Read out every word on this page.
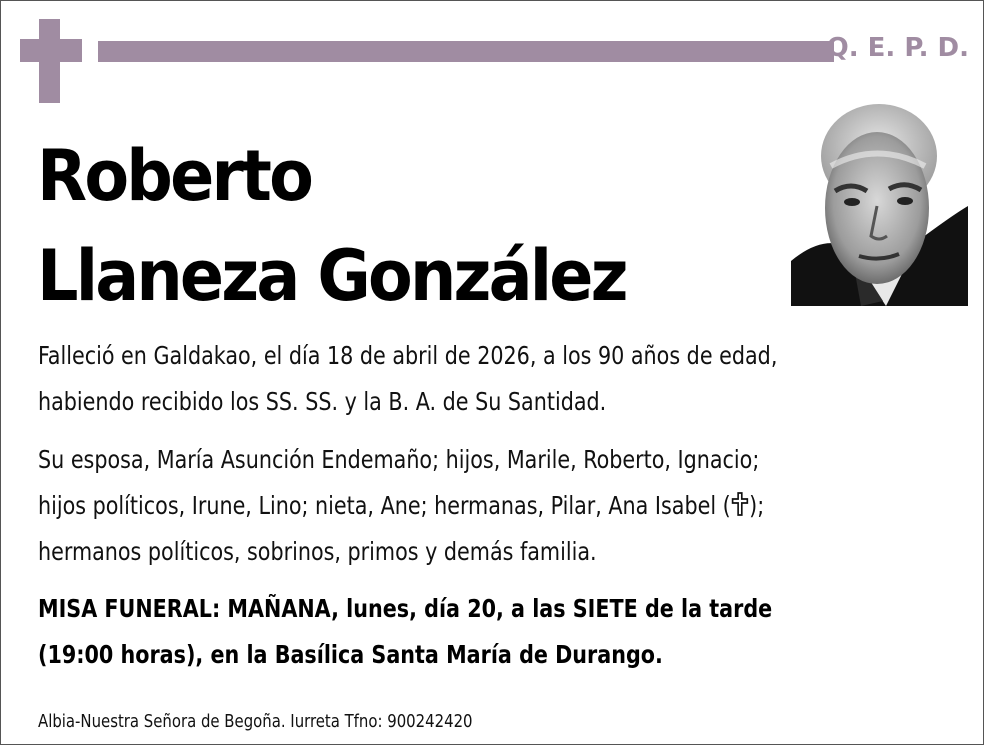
Q. E. P. D.
Roberto
Llaneza González

Falleció en Galdakao, el día 18 de abril de 2026, a los 90 años de edad,
habiendo recibido los SS. SS. y la B. A. de Su Santidad.

Su esposa, María Asunción Endemaño; hijos, Marile, Roberto, Ignacio;
hijos políticos, Irune, Lino; nieta, Ane; hermanas, Pilar, Ana Isabel ( );
hermanos políticos, sobrinos, primos y demás familia.

MISA FUNERAL: MAÑANA, lunes, día 20, a las SIETE de la tarde
(19:00 horas), en la Basílica Santa María de Durango.

Albia-Nuestra Señora de Begoña. Iurreta Tfno: 900242420
